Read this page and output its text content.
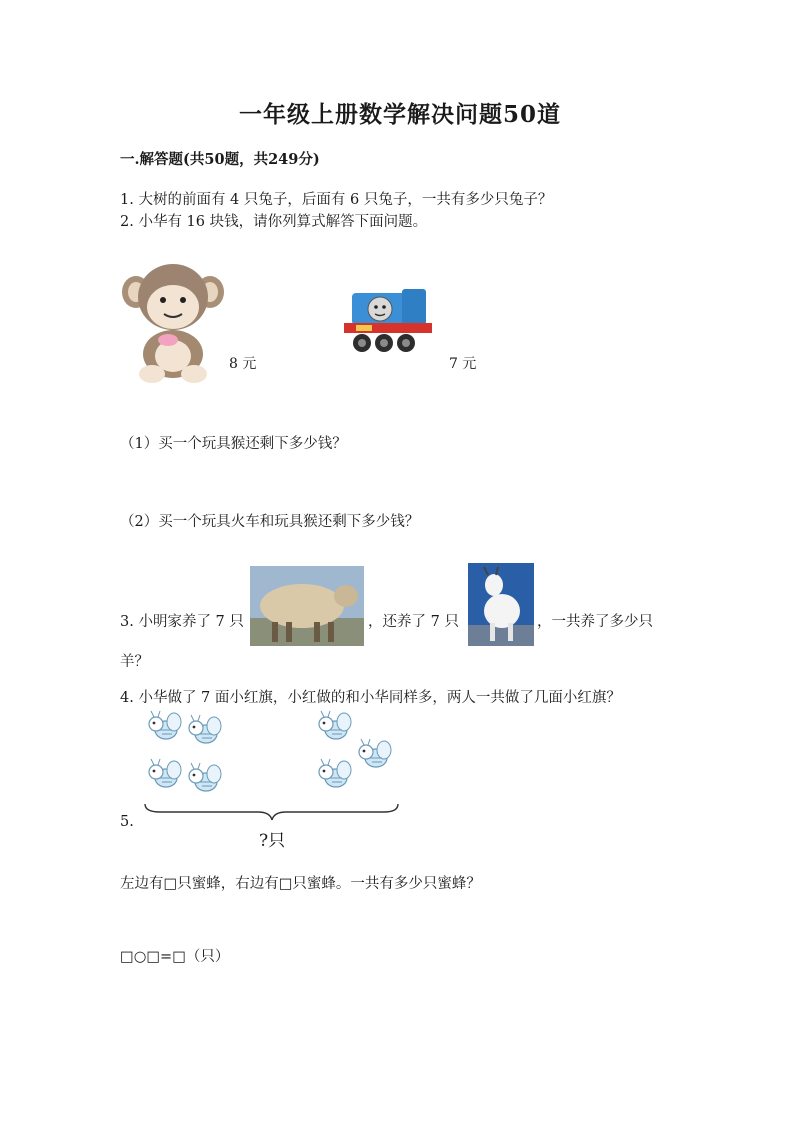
一年级上册数学解决问题50道
一.解答题(共50题，共249分)
1. 大树的前面有 4 只兔子，后面有 6 只兔子，一共有多少只兔子？
2. 小华有 16 块钱，请你列算式解答下面问题。
8 元	7 元
（1）买一个玩具猴还剩下多少钱？
（2）买一个玩具火车和玩具猴还剩下多少钱？
3. 小明家养了 7 只	，还养了 7 只	，一共养了多少只
羊？
4. 小华做了 7 面小红旗，小红做的和小华同样多，两人一共做了几面小红旗？
5.
?只
左边有□只蜜蜂，右边有□只蜜蜂。一共有多少只蜜蜂？
□○□=□（只）
